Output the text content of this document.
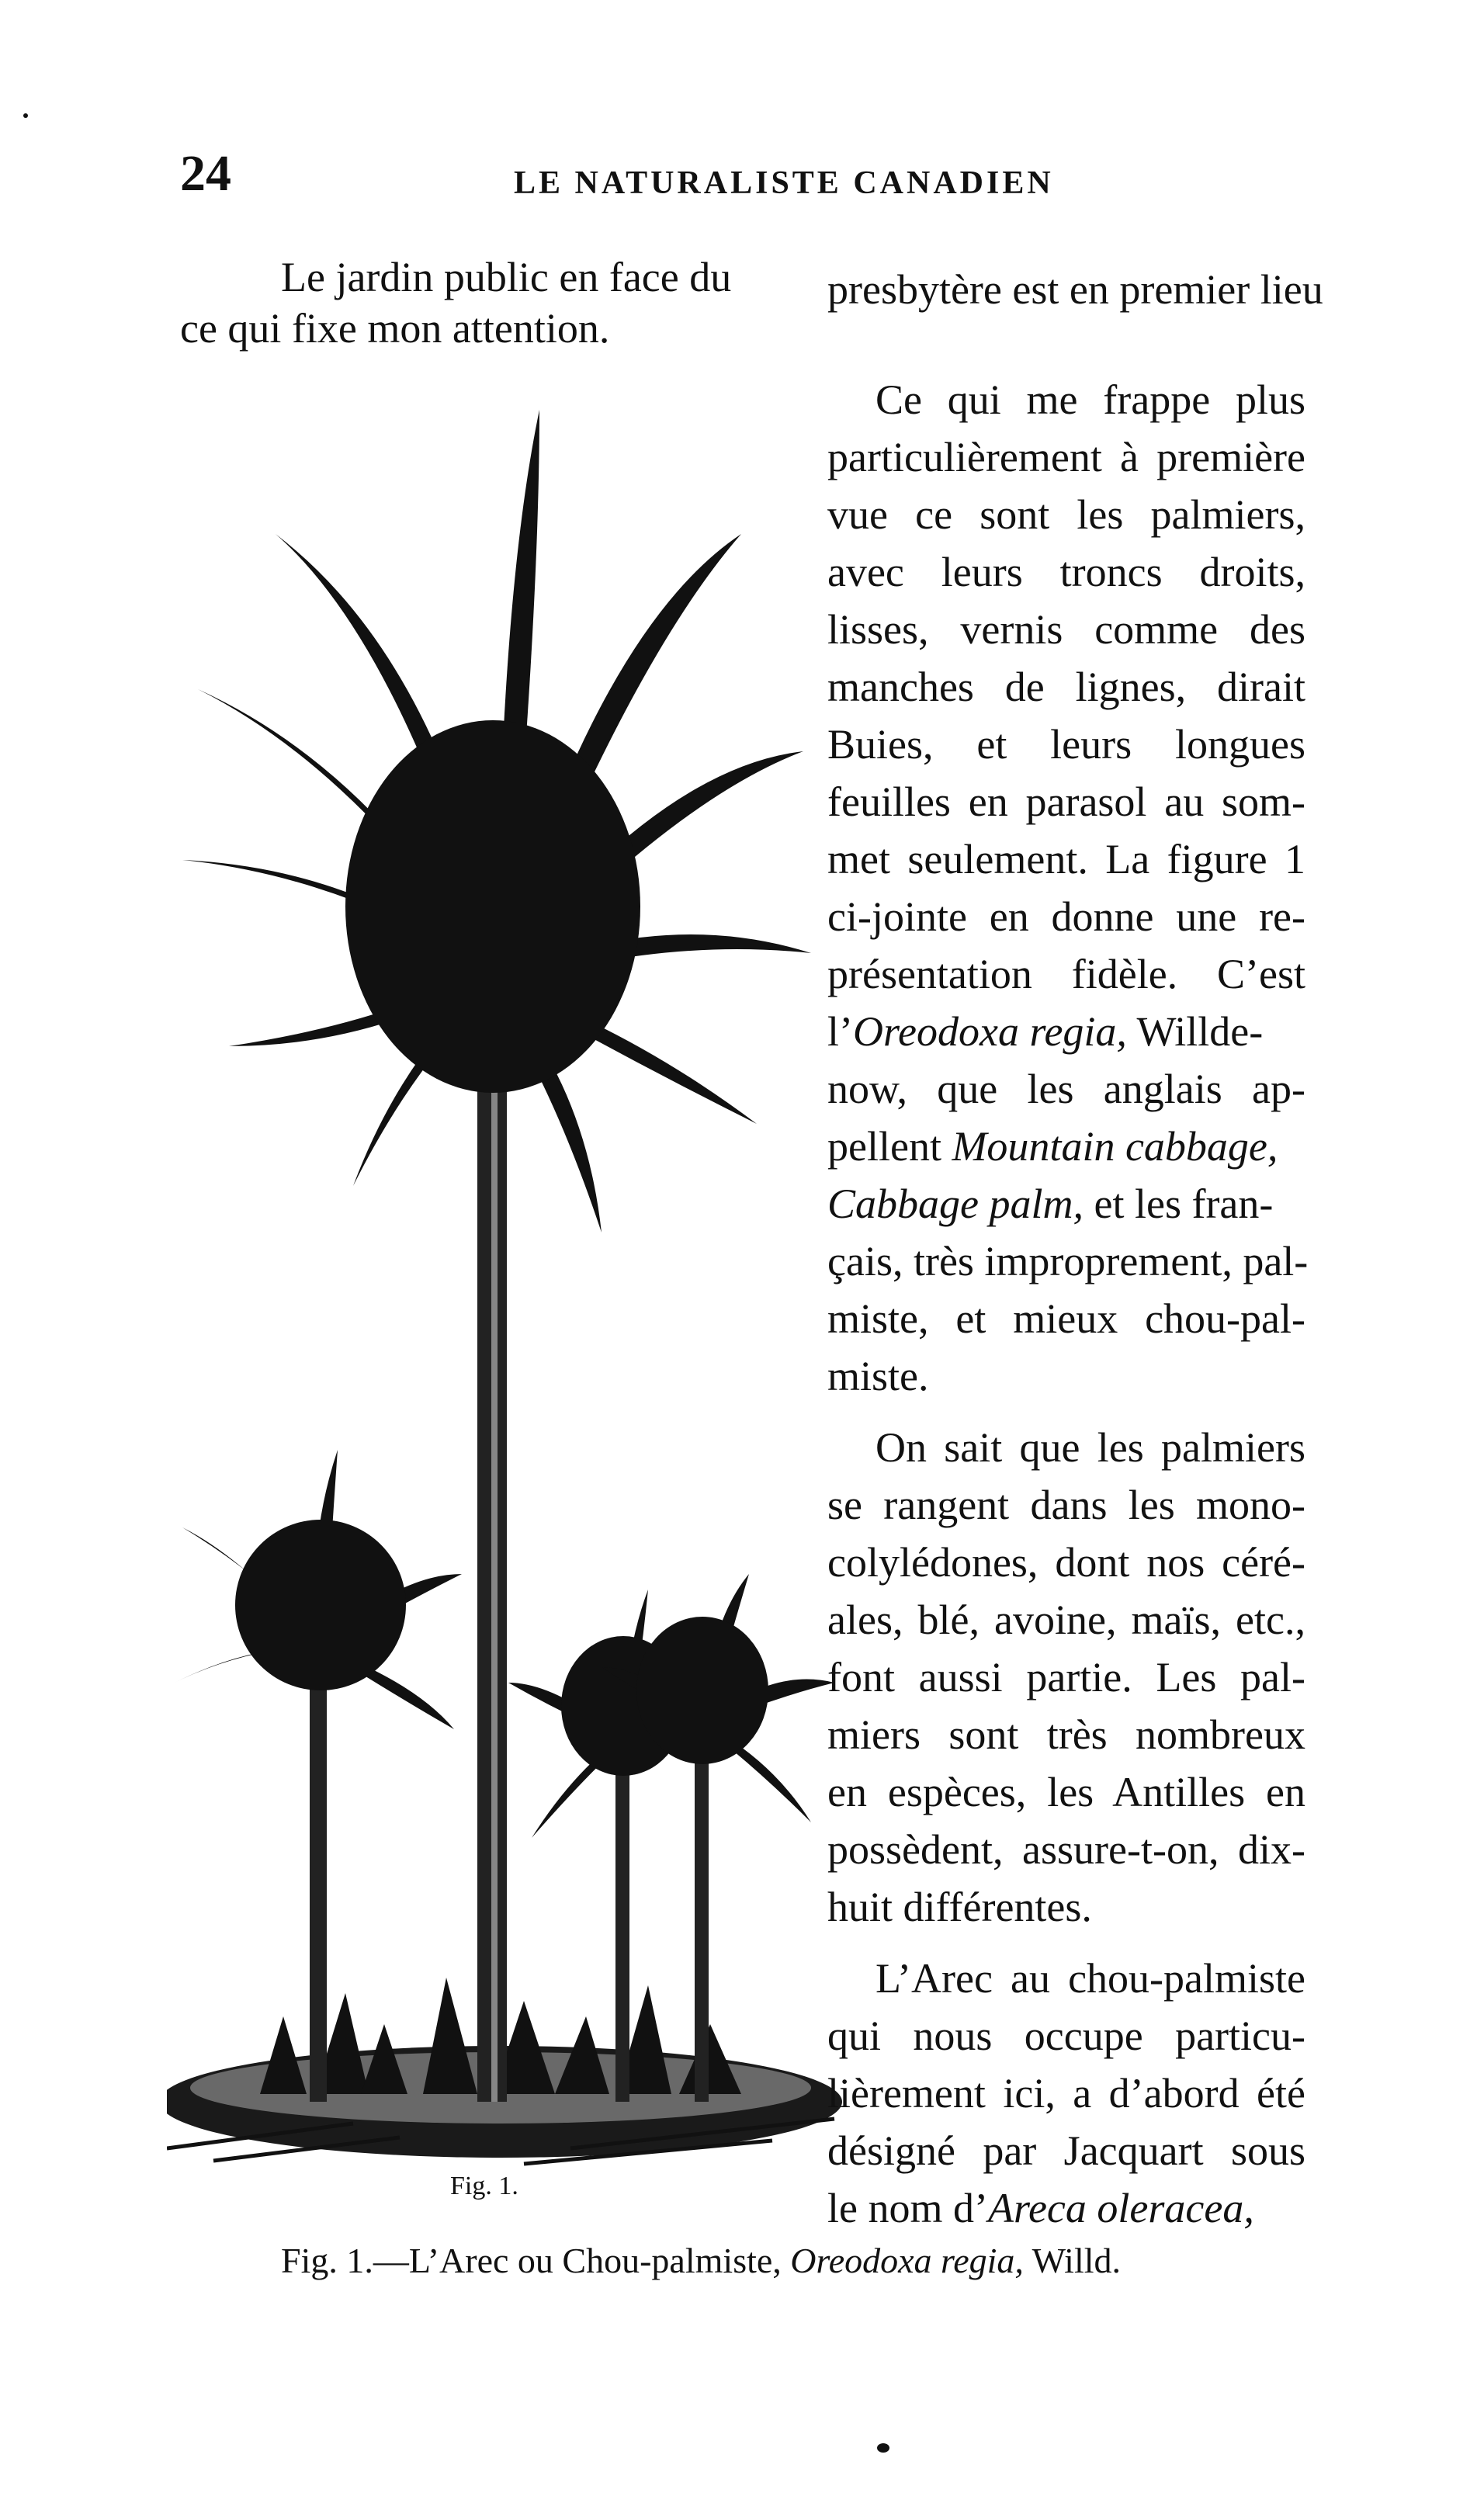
24	LE NATURALISTE CANADIEN
Le jardin public en face du presbytère est en premier lieu
ce qui fixe mon attention.
Fig. 1.
Ce qui me frappe plus
particulièrement à première
vue ce sont les palmiers,
avec leurs troncs droits,
lisses, vernis comme des
manches de lignes, dirait
Buies, et leurs longues
feuilles en parasol au som-
met seulement. La figure 1
ci-jointe en donne une re-
présentation fidèle. C’est
l’Oreodoxa regia, Willde-
now, que les anglais ap-
pellent Mountain cabbage,
Cabbage palm, et les fran-
çais, très improprement, pal-
miste, et mieux chou-pal-
miste.
On sait que les palmiers
se rangent dans les mono-
colylédones, dont nos céré-
ales, blé, avoine, maïs, etc.,
font aussi partie. Les pal-
miers sont très nombreux
en espèces, les Antilles en
possèdent, assure-t-on, dix-
huit différentes.
L’Arec au chou-palmiste
qui nous occupe particu-
lièrement ici, a d’abord été
désigné par Jacquart sous
le nom d’Areca oleracea,
Fig. 1.—L’Arec ou Chou-palmiste, Oreodoxa regia, Willd.
